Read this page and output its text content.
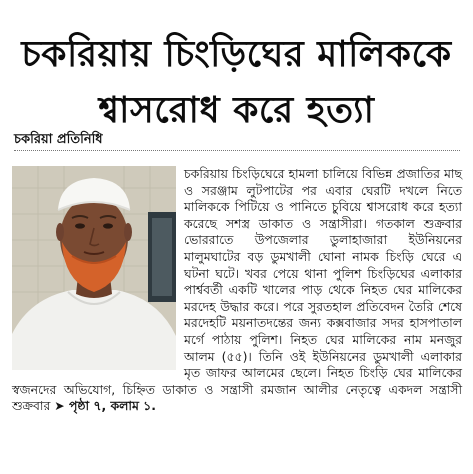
চকরিয়ায় চিংড়িঘের মালিককে
শ্বাসরোধ করে হত্যা
চকরিয়া প্রতিনিধি

চকরিয়ায় চিংড়িঘেরে হামলা চালিয়ে বিভিন্ন প্রজাতির মাছ ও সরঞ্জাম লুটপাটের পর এবার ঘেরটি দখলে নিতে মালিককে পিটিয়ে ও পানিতে চুবিয়ে শ্বাসরোধ করে হত্যা করেছে সশস্ত্র ডাকাত ও সন্ত্রাসীরা। গতকাল শুক্রবার ভোররাতে উপজেলার ডুলাহাজারা ইউনিয়নের মালুমঘাটের বড় ডুমখালী ঘোনা নামক চিংড়ি ঘেরে এ ঘটনা ঘটে। খবর পেয়ে থানা পুলিশ চিংড়িঘের এলাকার পার্শ্ববর্তী একটি খালের পাড় থেকে নিহত ঘের মালিকের মরদেহ উদ্ধার করে। পরে সুরতহাল প্রতিবেদন তৈরি শেষে মরদেহটি ময়নাতদন্তের জন্য কক্সবাজার সদর হাসপাতাল মর্গে পাঠায় পুলিশ। নিহত ঘের মালিকের নাম মনজুর আলম (৫৫)। তিনি ওই ইউনিয়নের ডুমখালী এলাকার মৃত জাফর আলমের ছেলে। নিহত চিংড়ি ঘের মালিকের স্বজনদের অভিযোগ, চিহ্নিত ডাকাত ও সন্ত্রাসী রমজান আলীর নেতৃত্বে একদল সন্ত্রাসী শুক্রবার ➤ পৃষ্ঠা ৭, কলাম ১.
